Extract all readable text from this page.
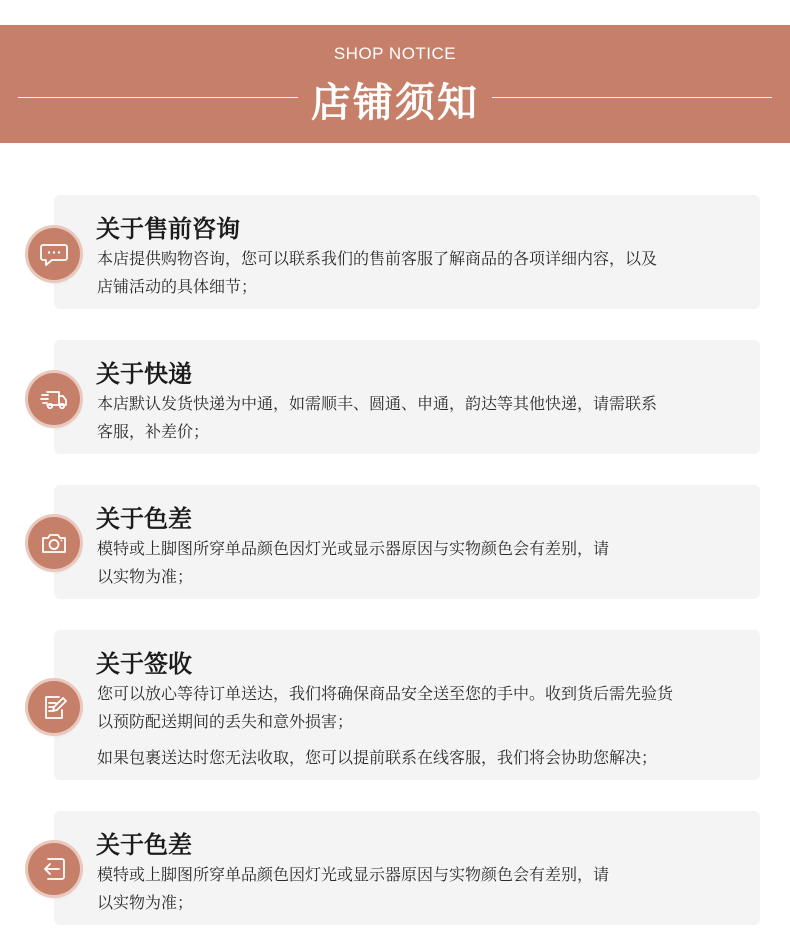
SHOP NOTICE
店铺须知
关于售前咨询

本店提供购物咨询，您可以联系我们的售前客服了解商品的各项详细内容，以及

店铺活动的具体细节；

关于快递

本店默认发货快递为中通，如需顺丰、圆通、申通，韵达等其他快递，请需联系

客服，补差价；

关于色差

模特或上脚图所穿单品颜色因灯光或显示器原因与实物颜色会有差别，请

以实物为准；

关于签收

您可以放心等待订单送达，我们将确保商品安全送至您的手中。收到货后需先验货

以预防配送期间的丢失和意外损害；

如果包裹送达时您无法收取，您可以提前联系在线客服，我们将会协助您解决；

关于色差

模特或上脚图所穿单品颜色因灯光或显示器原因与实物颜色会有差别，请

以实物为准；
